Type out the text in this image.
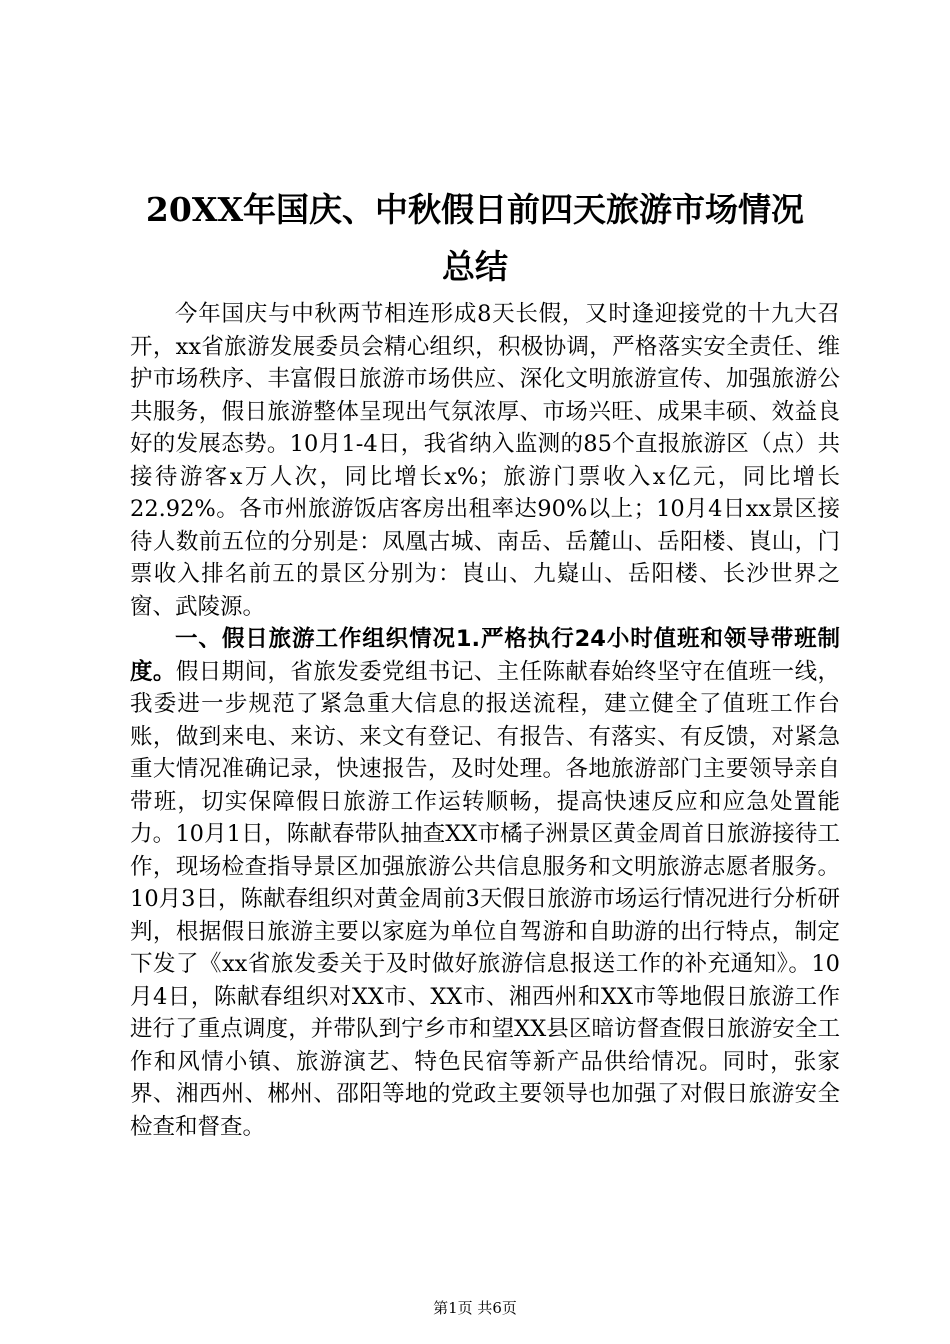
20XX年国庆、中秋假日前四天旅游市场情况
总结

今年国庆与中秋两节相连形成8天长假，又时逢迎接党的十九大召开，xx省旅游发展委员会精心组织，积极协调，严格落实安全责任、维护市场秩序、丰富假日旅游市场供应、深化文明旅游宣传、加强旅游公共服务，假日旅游整体呈现出气氛浓厚、市场兴旺、成果丰硕、效益良好的发展态势。10月1-4日，我省纳入监测的85个直报旅游区（点）共接待游客x万人次，同比增长x%；旅游门票收入x亿元，同比增长22.92%。各市州旅游饭店客房出租率达90%以上；10月4日xx景区接待人数前五位的分别是：凤凰古城、南岳、岳麓山、岳阳楼、崀山，门票收入排名前五的景区分别为：崀山、九嶷山、岳阳楼、长沙世界之窗、武陵源。

一、假日旅游工作组织情况1.严格执行24小时值班和领导带班制度。假日期间，省旅发委党组书记、主任陈献春始终坚守在值班一线，我委进一步规范了紧急重大信息的报送流程，建立健全了值班工作台账，做到来电、来访、来文有登记、有报告、有落实、有反馈，对紧急重大情况准确记录，快速报告，及时处理。各地旅游部门主要领导亲自带班，切实保障假日旅游工作运转顺畅，提高快速反应和应急处置能力。10月1日，陈献春带队抽查XX市橘子洲景区黄金周首日旅游接待工作，现场检查指导景区加强旅游公共信息服务和文明旅游志愿者服务。10月3日，陈献春组织对黄金周前3天假日旅游市场运行情况进行分析研判，根据假日旅游主要以家庭为单位自驾游和自助游的出行特点，制定下发了《xx省旅发委关于及时做好旅游信息报送工作的补充通知》。10月4日，陈献春组织对XX市、XX市、湘西州和XX市等地假日旅游工作进行了重点调度，并带队到宁乡市和望XX县区暗访督查假日旅游安全工作和风情小镇、旅游演艺、特色民宿等新产品供给情况。同时，张家界、湘西州、郴州、邵阳等地的党政主要领导也加强了对假日旅游安全检查和督查。

第1页 共6页
